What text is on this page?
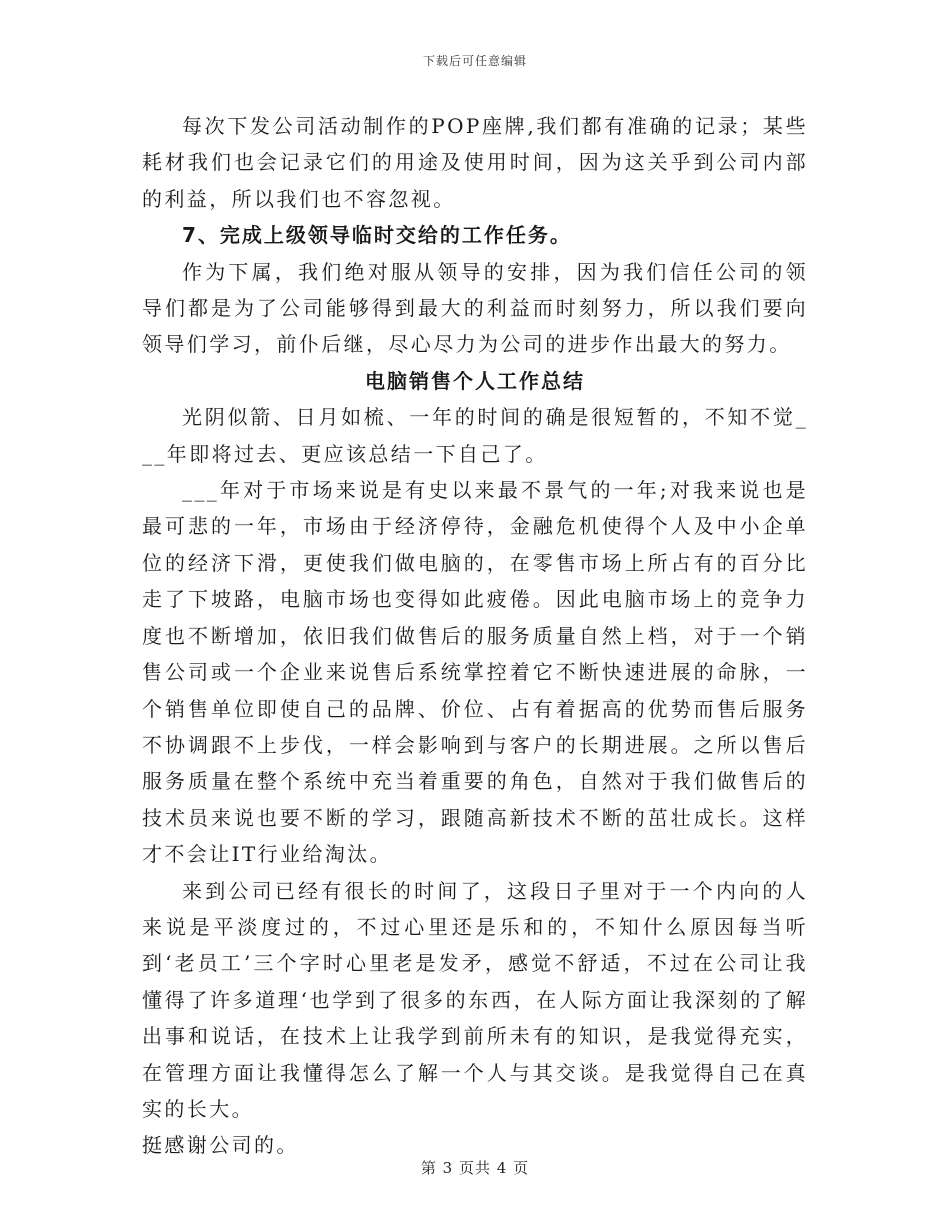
下载后可任意编辑

每次下发公司活动制作的POP座牌,我们都有准确的记录；某些耗材我们也会记录它们的用途及使用时间，因为这关乎到公司内部的利益，所以我们也不容忽视。

7、完成上级领导临时交给的工作任务。

作为下属，我们绝对服从领导的安排，因为我们信任公司的领导们都是为了公司能够得到最大的利益而时刻努力，所以我们要向领导们学习，前仆后继，尽心尽力为公司的进步作出最大的努力。

电脑销售个人工作总结

光阴似箭、日月如梳、一年的时间的确是很短暂的，不知不觉___年即将过去、更应该总结一下自己了。

___年对于市场来说是有史以来最不景气的一年;对我来说也是最可悲的一年，市场由于经济停待，金融危机使得个人及中小企单位的经济下滑，更使我们做电脑的，在零售市场上所占有的百分比走了下坡路，电脑市场也变得如此疲倦。因此电脑市场上的竞争力度也不断增加，依旧我们做售后的服务质量自然上档，对于一个销售公司或一个企业来说售后系统掌控着它不断快速进展的命脉，一个销售单位即使自己的品牌、价位、占有着据高的优势而售后服务不协调跟不上步伐，一样会影响到与客户的长期进展。之所以售后服务质量在整个系统中充当着重要的角色，自然对于我们做售后的技术员来说也要不断的学习，跟随高新技术不断的茁壮成长。这样才不会让IT行业给淘汰。

来到公司已经有很长的时间了，这段日子里对于一个内向的人来说是平淡度过的，不过心里还是乐和的，不知什么原因每当听到‘老员工’三个字时心里老是发矛，感觉不舒适，不过在公司让我懂得了许多道理‘也学到了很多的东西，在人际方面让我深刻的了解出事和说话，在技术上让我学到前所未有的知识，是我觉得充实，在管理方面让我懂得怎么了解一个人与其交谈。是我觉得自己在真实的长大。

挺感谢公司的。

第 3 页共 4 页
